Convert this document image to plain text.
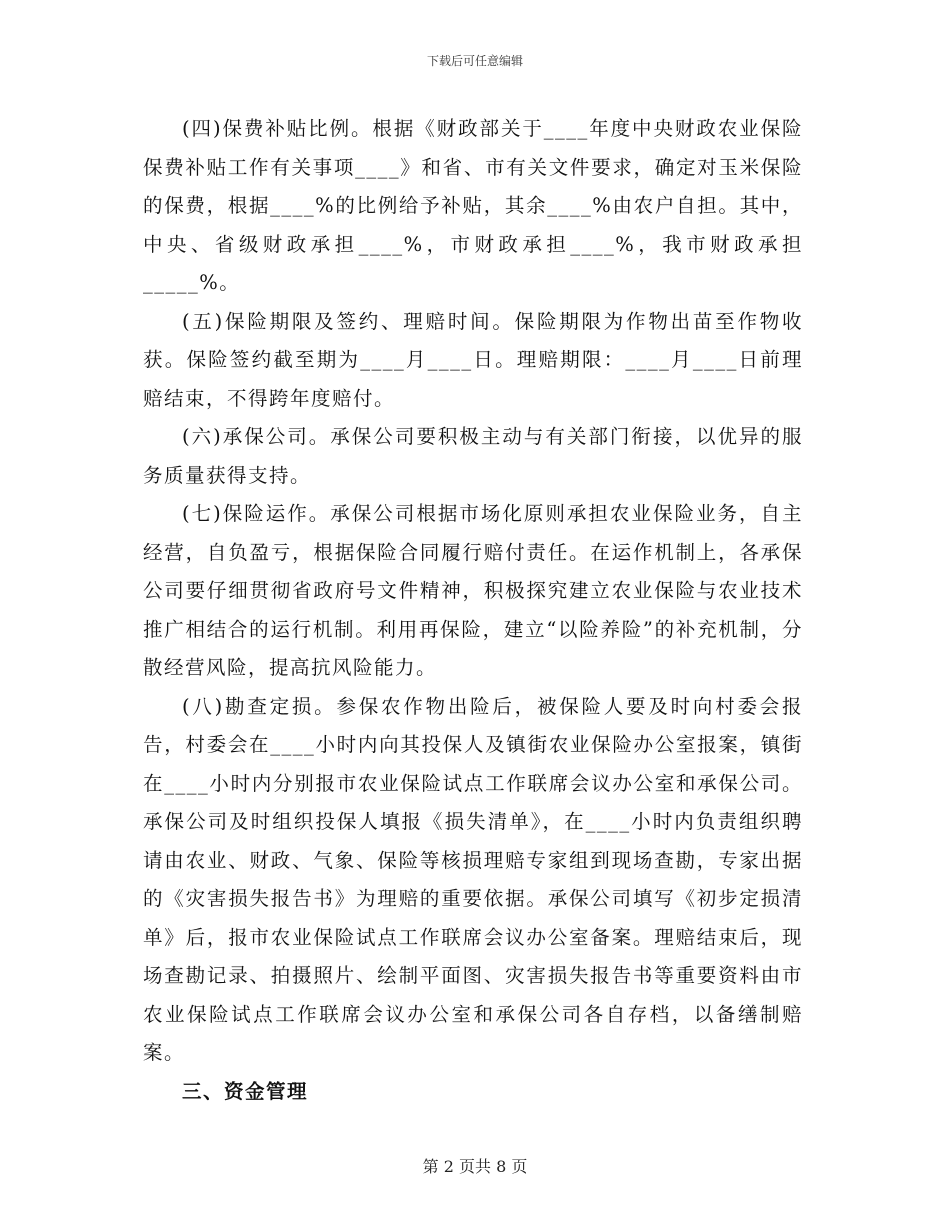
下载后可任意编辑

(四)保费补贴比例。根据《财政部关于____年度中央财政农业保险保费补贴工作有关事项____》和省、市有关文件要求，确定对玉米保险的保费，根据____%的比例给予补贴，其余____%由农户自担。其中，中央、省级财政承担____%，市财政承担____%，我市财政承担_____%。

(五)保险期限及签约、理赔时间。保险期限为作物出苗至作物收获。保险签约截至期为____月____日。理赔期限：____月____日前理赔结束，不得跨年度赔付。

(六)承保公司。承保公司要积极主动与有关部门衔接，以优异的服务质量获得支持。

(七)保险运作。承保公司根据市场化原则承担农业保险业务，自主经营，自负盈亏，根据保险合同履行赔付责任。在运作机制上，各承保公司要仔细贯彻省政府号文件精神，积极探究建立农业保险与农业技术推广相结合的运行机制。利用再保险，建立“以险养险”的补充机制，分散经营风险，提高抗风险能力。

(八)勘查定损。参保农作物出险后，被保险人要及时向村委会报告，村委会在____小时内向其投保人及镇街农业保险办公室报案，镇街在____小时内分别报市农业保险试点工作联席会议办公室和承保公司。承保公司及时组织投保人填报《损失清单》，在____小时内负责组织聘请由农业、财政、气象、保险等核损理赔专家组到现场查勘，专家出据的《灾害损失报告书》为理赔的重要依据。承保公司填写《初步定损清单》后，报市农业保险试点工作联席会议办公室备案。理赔结束后，现场查勘记录、拍摄照片、绘制平面图、灾害损失报告书等重要资料由市农业保险试点工作联席会议办公室和承保公司各自存档，以备缮制赔案。

三、资金管理

第 2 页共 8 页
